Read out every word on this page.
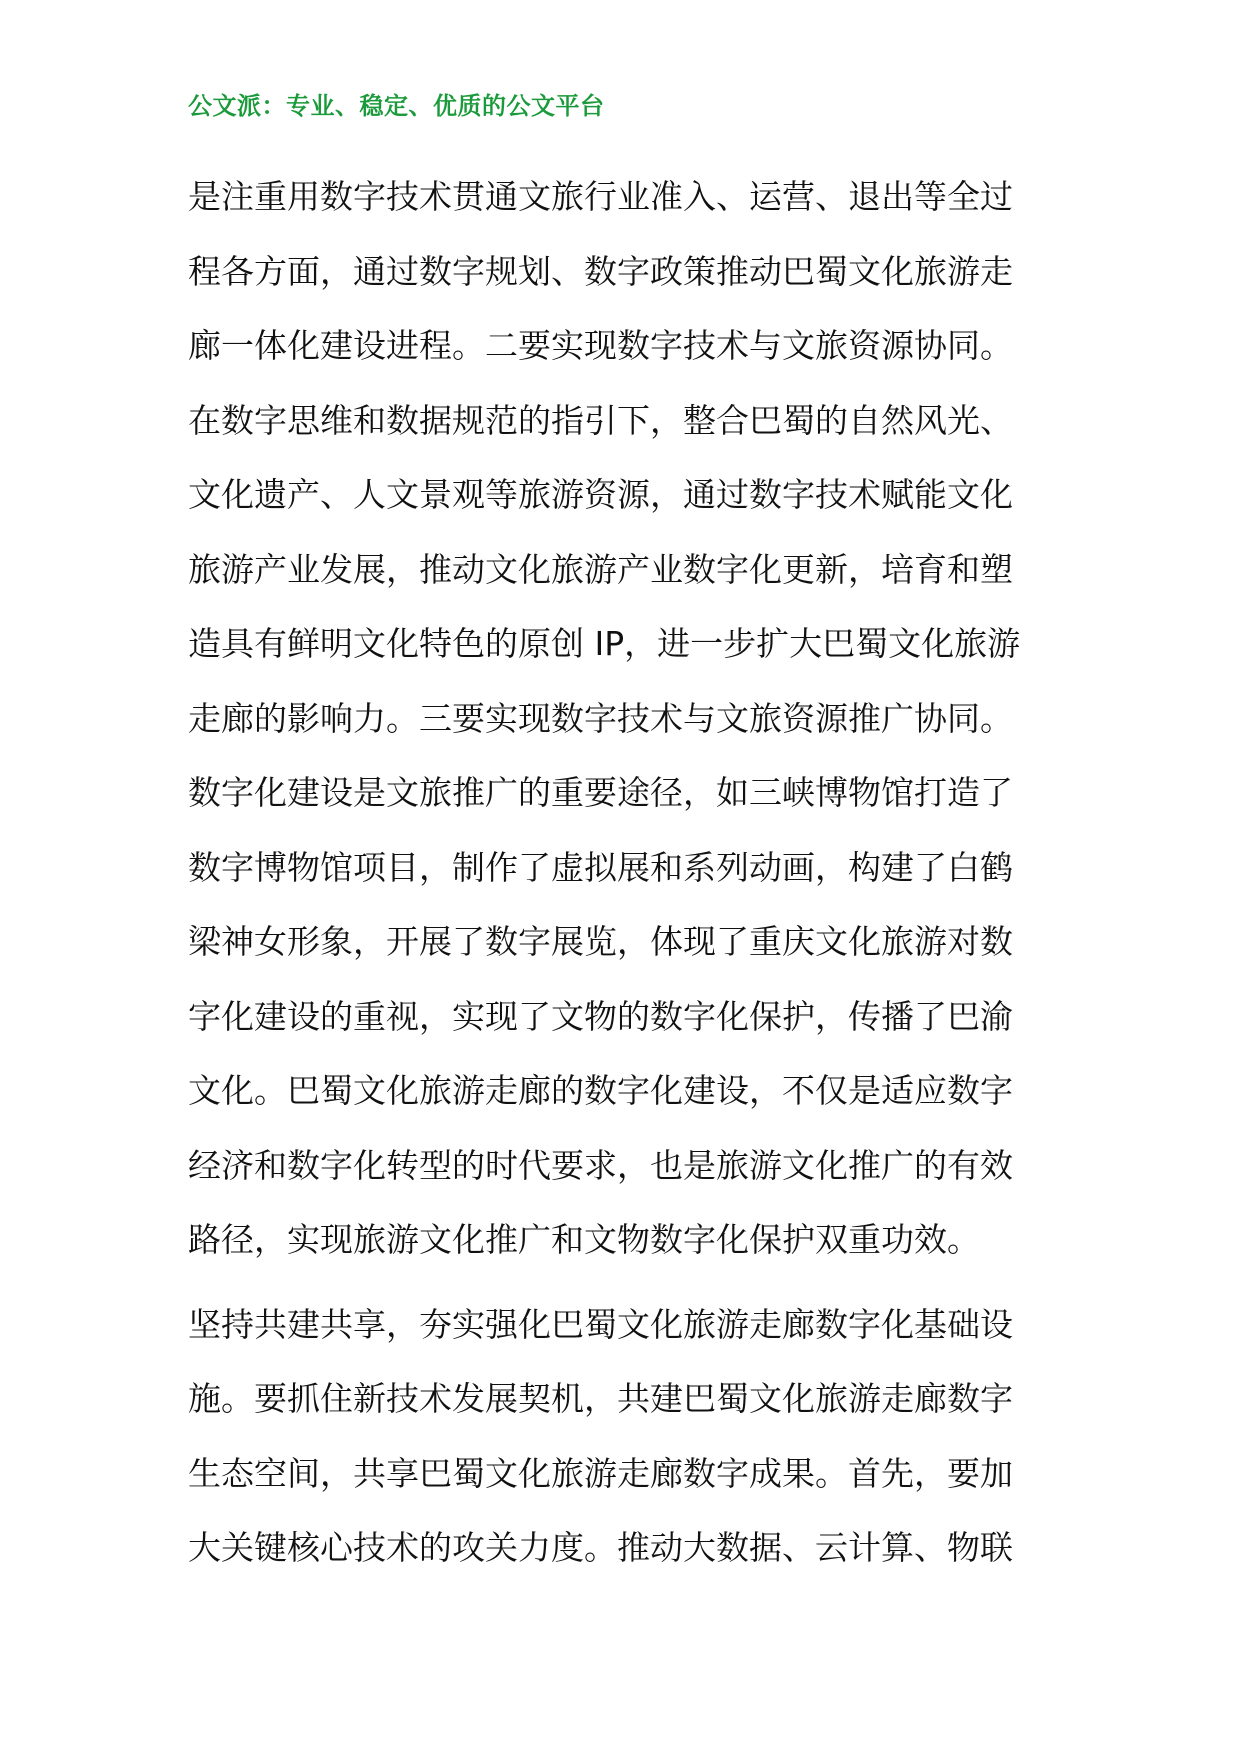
公文派：专业、稳定、优质的公文平台
是注重用数字技术贯通文旅行业准入、运营、退出等全过
程各方面，通过数字规划、数字政策推动巴蜀文化旅游走
廊一体化建设进程。二要实现数字技术与文旅资源协同。
在数字思维和数据规范的指引下，整合巴蜀的自然风光、
文化遗产、人文景观等旅游资源，通过数字技术赋能文化
旅游产业发展，推动文化旅游产业数字化更新，培育和塑
造具有鲜明文化特色的原创 IP，进一步扩大巴蜀文化旅游
走廊的影响力。三要实现数字技术与文旅资源推广协同。
数字化建设是文旅推广的重要途径，如三峡博物馆打造了
数字博物馆项目，制作了虚拟展和系列动画，构建了白鹤
梁神女形象，开展了数字展览，体现了重庆文化旅游对数
字化建设的重视，实现了文物的数字化保护，传播了巴渝
文化。巴蜀文化旅游走廊的数字化建设，不仅是适应数字
经济和数字化转型的时代要求，也是旅游文化推广的有效
路径，实现旅游文化推广和文物数字化保护双重功效。
坚持共建共享，夯实强化巴蜀文化旅游走廊数字化基础设
施。要抓住新技术发展契机，共建巴蜀文化旅游走廊数字
生态空间，共享巴蜀文化旅游走廊数字成果。首先，要加
大关键核心技术的攻关力度。推动大数据、云计算、物联
